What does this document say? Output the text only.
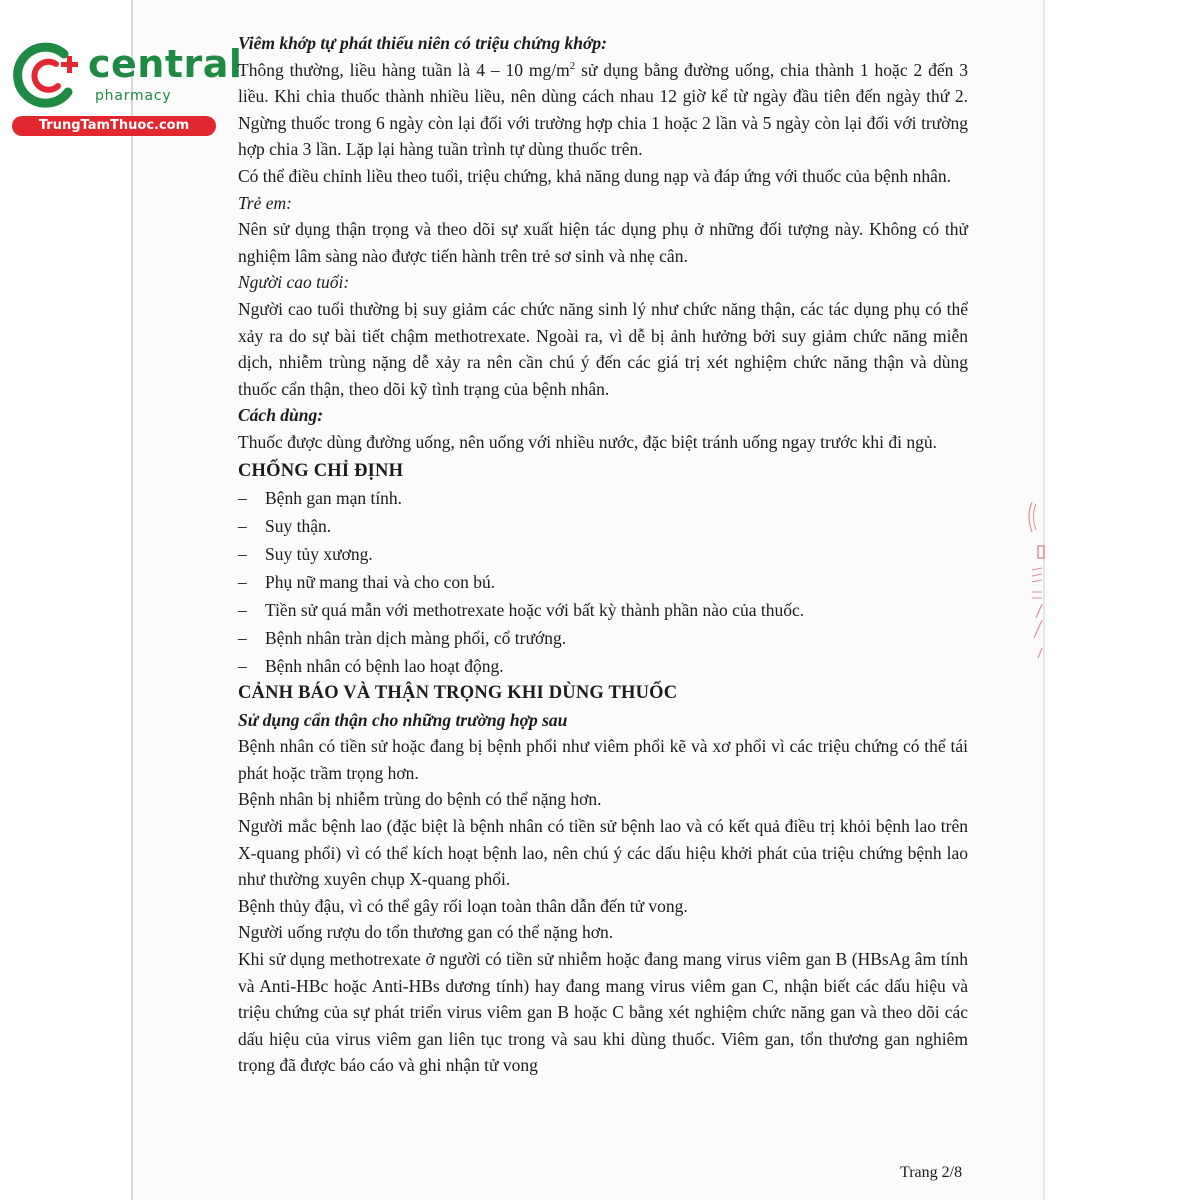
central
pharmacy
TrungTamThuoc.com

Viêm khớp tự phát thiếu niên có triệu chứng khớp:

Thông thường, liều hàng tuần là 4 – 10 $mg/m^2$ sử dụng bằng đường uống, chia thành 1 hoặc 2 đến 3 liều. Khi chia thuốc thành nhiều liều, nên dùng cách nhau 12 giờ kể từ ngày đầu tiên đến ngày thứ 2. Ngừng thuốc trong 6 ngày còn lại đối với trường hợp chia 1 hoặc 2 lần và 5 ngày còn lại đối với trường hợp chia 3 lần. Lặp lại hàng tuần trình tự dùng thuốc trên.

Có thể điều chỉnh liều theo tuổi, triệu chứng, khả năng dung nạp và đáp ứng với thuốc của bệnh nhân.

Trẻ em:

Nên sử dụng thận trọng và theo dõi sự xuất hiện tác dụng phụ ở những đối tượng này. Không có thử nghiệm lâm sàng nào được tiến hành trên trẻ sơ sinh và nhẹ cân.

Người cao tuổi:

Người cao tuổi thường bị suy giảm các chức năng sinh lý như chức năng thận, các tác dụng phụ có thể xảy ra do sự bài tiết chậm methotrexate. Ngoài ra, vì dễ bị ảnh hưởng bởi suy giảm chức năng miễn dịch, nhiễm trùng nặng dễ xảy ra nên cần chú ý đến các giá trị xét nghiệm chức năng thận và dùng thuốc cẩn thận, theo dõi kỹ tình trạng của bệnh nhân.

Cách dùng:

Thuốc được dùng đường uống, nên uống với nhiều nước, đặc biệt tránh uống ngay trước khi đi ngủ.

CHỐNG CHỈ ĐỊNH

– Bệnh gan mạn tính.
– Suy thận.
– Suy tủy xương.
– Phụ nữ mang thai và cho con bú.
– Tiền sử quá mẫn với methotrexate hoặc với bất kỳ thành phần nào của thuốc.
– Bệnh nhân tràn dịch màng phổi, cổ trướng.
– Bệnh nhân có bệnh lao hoạt động.

CẢNH BÁO VÀ THẬN TRỌNG KHI DÙNG THUỐC

Sử dụng cẩn thận cho những trường hợp sau

Bệnh nhân có tiền sử hoặc đang bị bệnh phổi như viêm phổi kẽ và xơ phổi vì các triệu chứng có thể tái phát hoặc trầm trọng hơn.

Bệnh nhân bị nhiễm trùng do bệnh có thể nặng hơn.

Người mắc bệnh lao (đặc biệt là bệnh nhân có tiền sử bệnh lao và có kết quả điều trị khỏi bệnh lao trên X-quang phổi) vì có thể kích hoạt bệnh lao, nên chú ý các dấu hiệu khởi phát của triệu chứng bệnh lao như thường xuyên chụp X-quang phổi.

Bệnh thủy đậu, vì có thể gây rối loạn toàn thân dẫn đến tử vong.

Người uống rượu do tổn thương gan có thể nặng hơn.

Khi sử dụng methotrexate ở người có tiền sử nhiễm hoặc đang mang virus viêm gan B (HBsAg âm tính và Anti-HBc hoặc Anti-HBs dương tính) hay đang mang virus viêm gan C, nhận biết các dấu hiệu và triệu chứng của sự phát triển virus viêm gan B hoặc C bằng xét nghiệm chức năng gan và theo dõi các dấu hiệu của virus viêm gan liên tục trong và sau khi dùng thuốc. Viêm gan, tổn thương gan nghiêm trọng đã được báo cáo và ghi nhận tử vong

Trang 2/8
